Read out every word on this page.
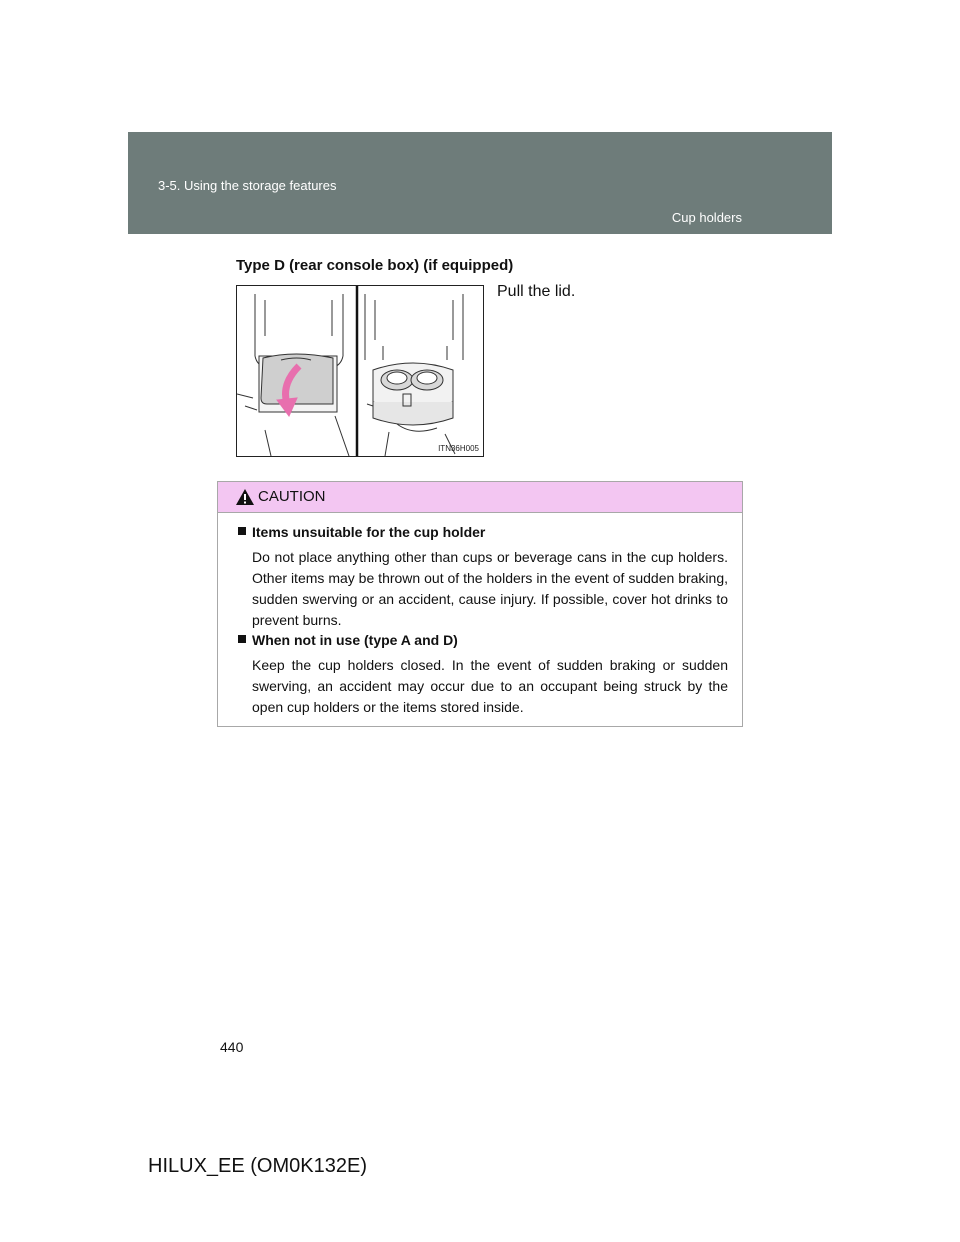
3-5. Using the storage features
Cup holders
Type D (rear console box) (if equipped)
ITN36H005
Pull the lid.
CAUTION
Items unsuitable for the cup holder
Do not place anything other than cups or beverage cans in the cup holders. Other items may be thrown out of the holders in the event of sudden braking, sudden swerving or an accident, cause injury. If possible, cover hot drinks to prevent burns.
When not in use (type A and D)
Keep the cup holders closed. In the event of sudden braking or sudden swerving, an accident may occur due to an occupant being struck by the open cup holders or the items stored inside.
440
HILUX_EE (OM0K132E)
